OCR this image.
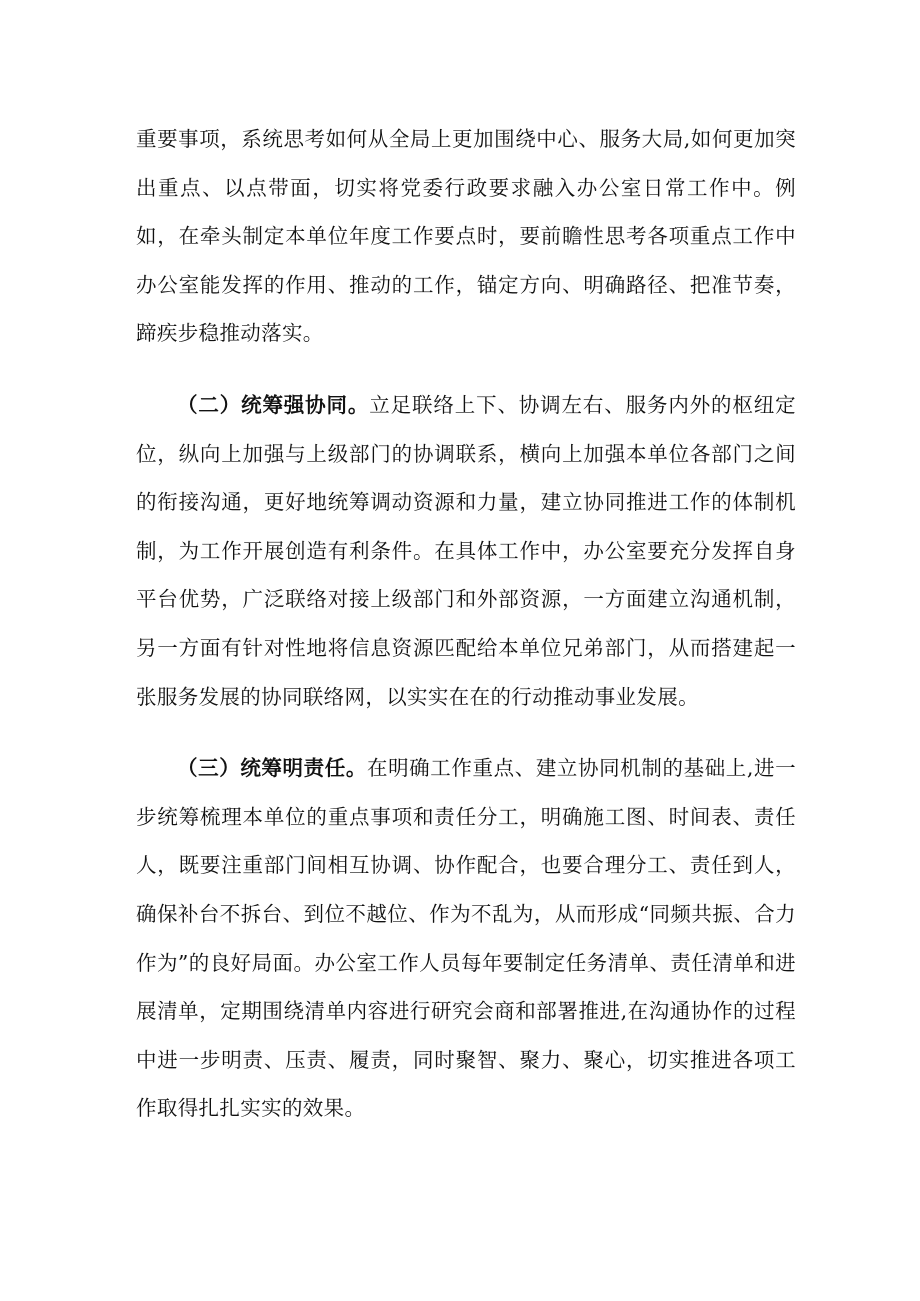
重要事项，系统思考如何从全局上更加围绕中心、服务大局,如何更加突出重点、以点带面，切实将党委行政要求融入办公室日常工作中。例如，在牵头制定本单位年度工作要点时，要前瞻性思考各项重点工作中办公室能发挥的作用、推动的工作，锚定方向、明确路径、把准节奏，蹄疾步稳推动落实。

（二）统筹强协同。立足联络上下、协调左右、服务内外的枢纽定位，纵向上加强与上级部门的协调联系，横向上加强本单位各部门之间的衔接沟通，更好地统筹调动资源和力量，建立协同推进工作的体制机制，为工作开展创造有利条件。在具体工作中，办公室要充分发挥自身平台优势，广泛联络对接上级部门和外部资源，一方面建立沟通机制，另一方面有针对性地将信息资源匹配给本单位兄弟部门，从而搭建起一张服务发展的协同联络网，以实实在在的行动推动事业发展。

（三）统筹明责任。在明确工作重点、建立协同机制的基础上,进一步统筹梳理本单位的重点事项和责任分工，明确施工图、时间表、责任人，既要注重部门间相互协调、协作配合，也要合理分工、责任到人，确保补台不拆台、到位不越位、作为不乱为，从而形成“同频共振、合力作为”的良好局面。办公室工作人员每年要制定任务清单、责任清单和进展清单，定期围绕清单内容进行研究会商和部署推进,在沟通协作的过程中进一步明责、压责、履责，同时聚智、聚力、聚心，切实推进各项工作取得扎扎实实的效果。
